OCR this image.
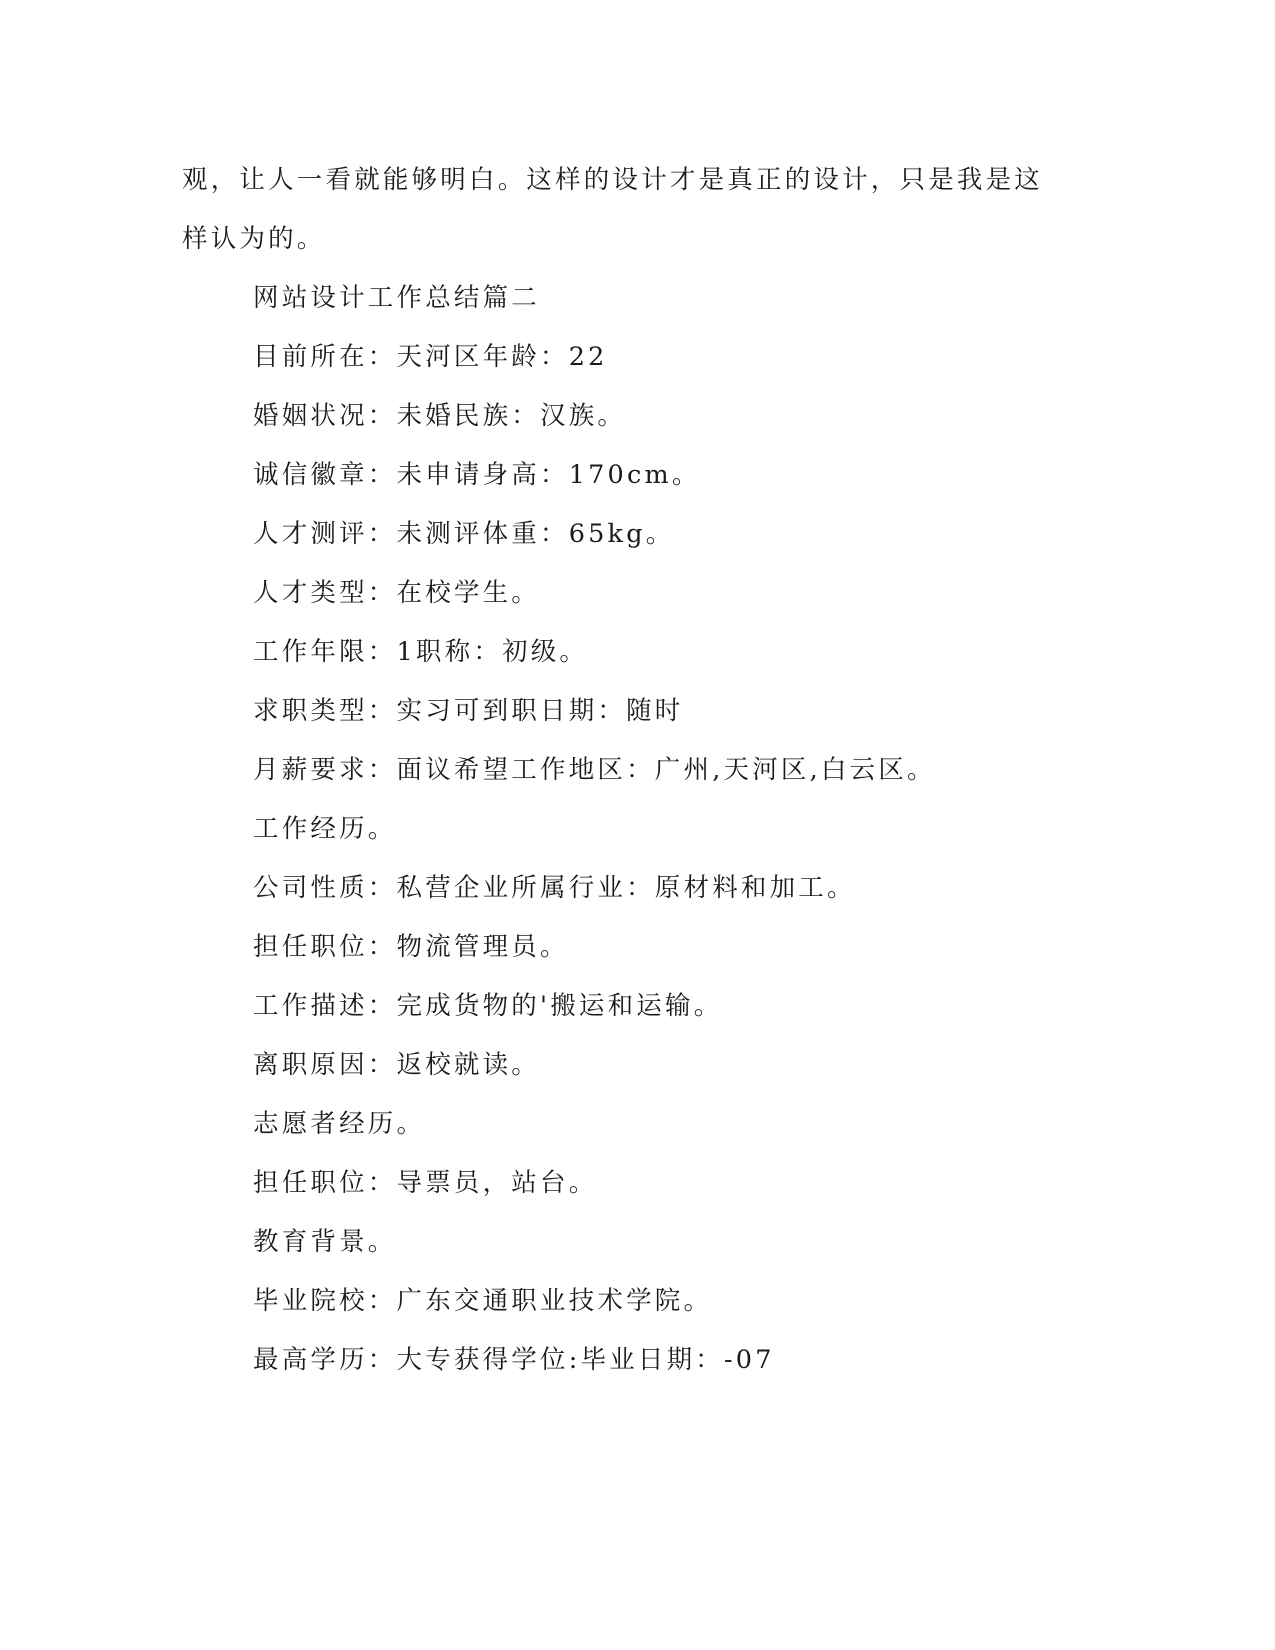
观，让人一看就能够明白。这样的设计才是真正的设计，只是我是这

样认为的。

网站设计工作总结篇二

目前所在：天河区年龄：22

婚姻状况：未婚民族：汉族。

诚信徽章：未申请身高：170cm。

人才测评：未测评体重：65kg。

人才类型：在校学生。

工作年限：1职称：初级。

求职类型：实习可到职日期：随时

月薪要求：面议希望工作地区：广州,天河区,白云区。

工作经历。

公司性质：私营企业所属行业：原材料和加工。

担任职位：物流管理员。

工作描述：完成货物的'搬运和运输。

离职原因：返校就读。

志愿者经历。

担任职位：导票员，站台。

教育背景。

毕业院校：广东交通职业技术学院。

最高学历：大专获得学位:毕业日期：-07
